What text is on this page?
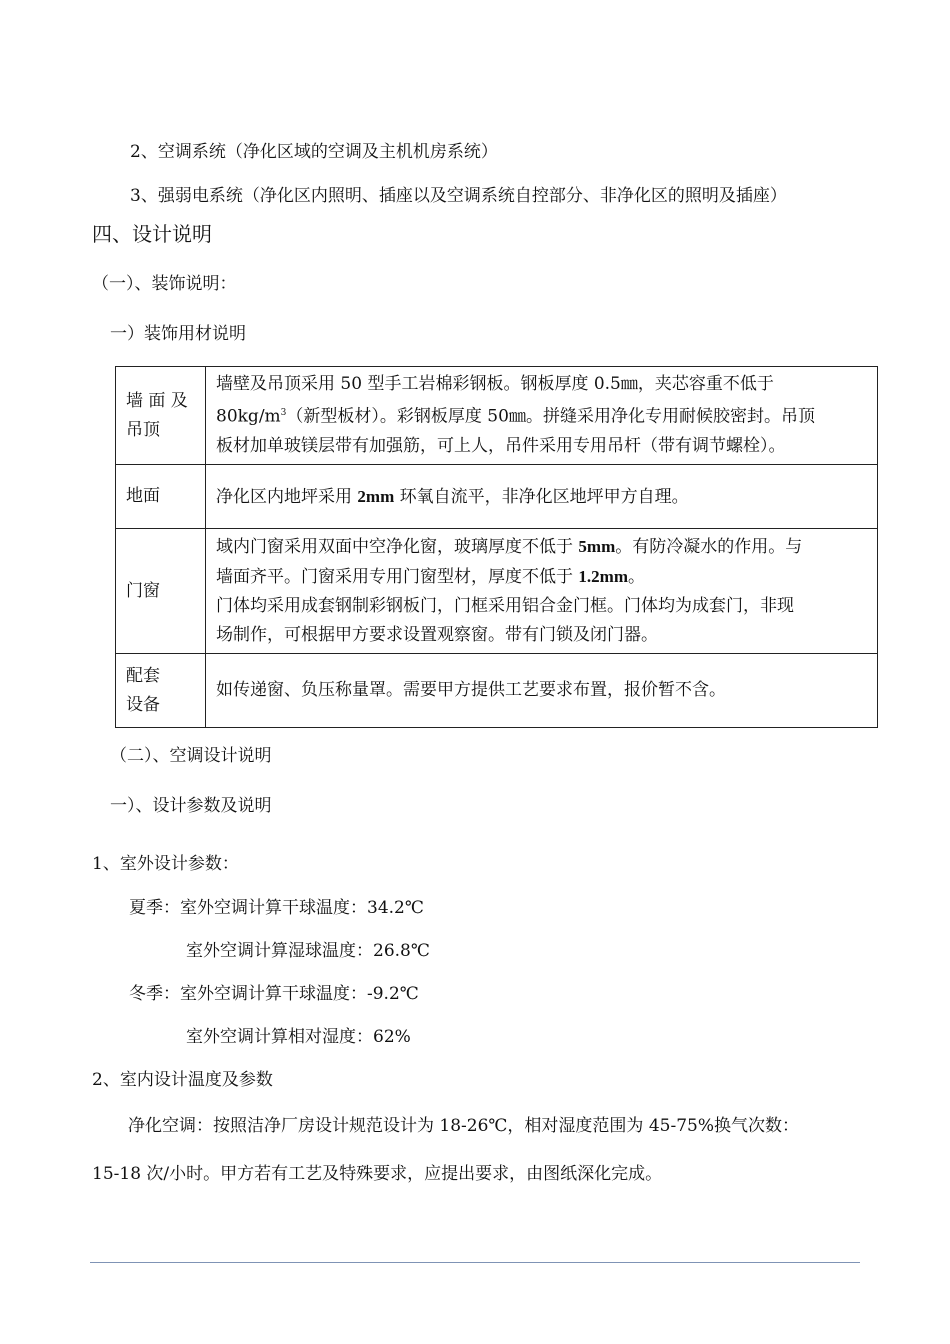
2、空调系统（净化区域的空调及主机机房系统）
3、强弱电系统（净化区内照明、插座以及空调系统自控部分、非净化区的照明及插座）
四、设计说明
（一）、装饰说明：
一）装饰用材说明
墙 面 及
吊顶	墙壁及吊顶采用 50 型手工岩棉彩钢板。钢板厚度 0.5㎜，夹芯容重不低于
$80kg/m^3$（新型板材）。彩钢板厚度 50㎜。拼缝采用净化专用耐候胶密封。吊顶
板材加单玻镁层带有加强筋，可上人，吊件采用专用吊杆（带有调节螺栓）。
地面	净化区内地坪采用 2mm 环氧自流平，非净化区地坪甲方自理。
门窗	域内门窗采用双面中空净化窗，玻璃厚度不低于 5mm。有防冷凝水的作用。与
墙面齐平。门窗采用专用门窗型材，厚度不低于 1.2mm。
门体均采用成套钢制彩钢板门，门框采用铝合金门框。门体均为成套门，非现
场制作，可根据甲方要求设置观察窗。带有门锁及闭门器。
配套
设备	如传递窗、负压称量罩。需要甲方提供工艺要求布置，报价暂不含。
（二）、空调设计说明
一）、设计参数及说明
1、室外设计参数：
夏季：室外空调计算干球温度：34.2℃
室外空调计算湿球温度：26.8℃
冬季：室外空调计算干球温度：-9.2℃
室外空调计算相对湿度：62%
2、室内设计温度及参数
净化空调：按照洁净厂房设计规范设计为 18-26℃，相对湿度范围为 45-75%换气次数：
15-18 次/小时。甲方若有工艺及特殊要求，应提出要求，由图纸深化完成。
